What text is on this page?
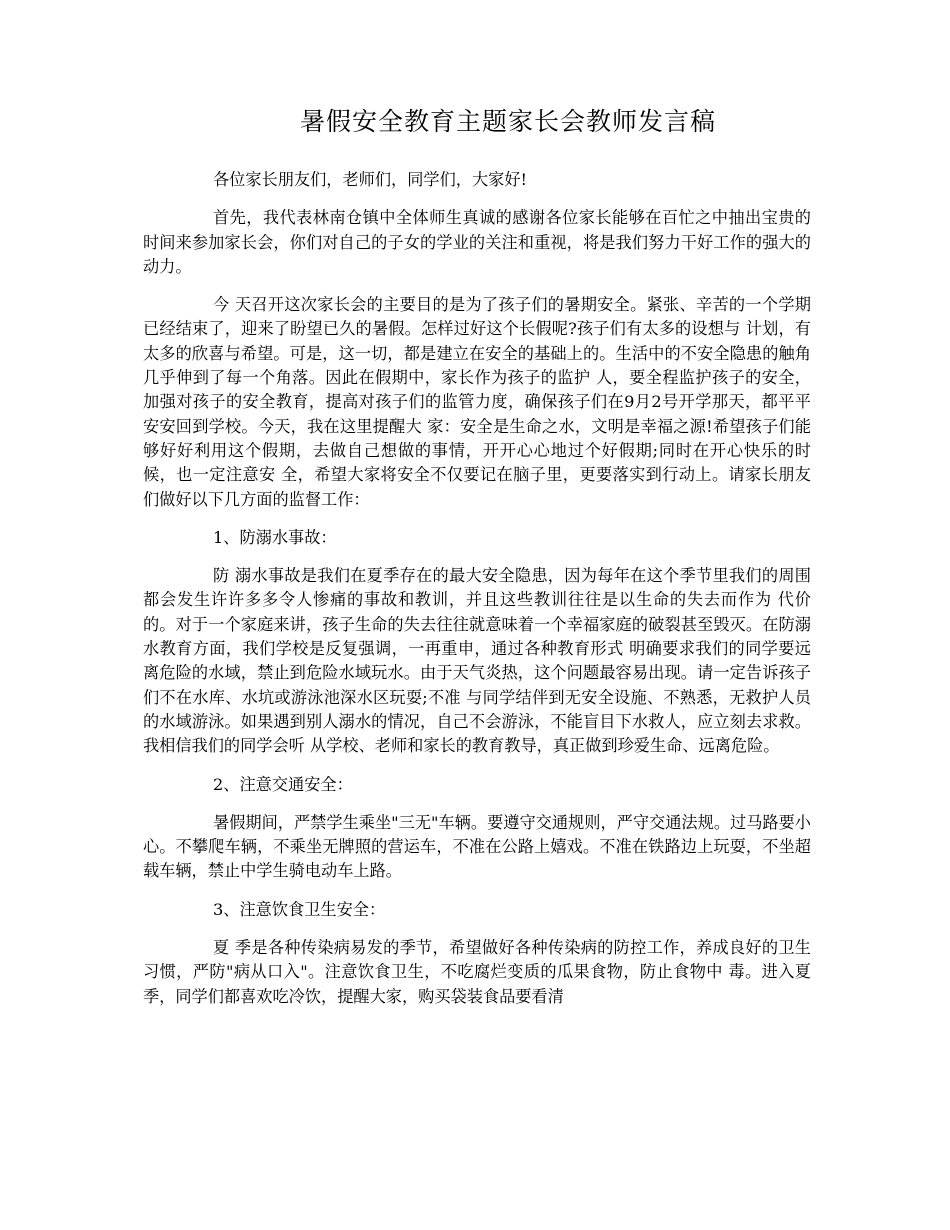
暑假安全教育主题家长会教师发言稿

各位家长朋友们，老师们，同学们，大家好!

首先，我代表林南仓镇中全体师生真诚的感谢各位家长能够在百忙之中抽出宝贵的时间来参加家长会，你们对自己的子女的学业的关注和重视，将是我们努力干好工作的强大的动力。

今 天召开这次家长会的主要目的是为了孩子们的暑期安全。紧张、辛苦的一个学期已经结束了，迎来了盼望已久的暑假。怎样过好这个长假呢?孩子们有太多的设想与 计划，有太多的欣喜与希望。可是，这一切，都是建立在安全的基础上的。生活中的不安全隐患的触角几乎伸到了每一个角落。因此在假期中，家长作为孩子的监护 人，要全程监护孩子的安全，加强对孩子的安全教育，提高对孩子们的监管力度，确保孩子们在9月2号开学那天，都平平安安回到学校。今天，我在这里提醒大 家：安全是生命之水，文明是幸福之源!希望孩子们能够好好利用这个假期，去做自己想做的事情，开开心心地过个好假期;同时在开心快乐的时候，也一定注意安 全，希望大家将安全不仅要记在脑子里，更要落实到行动上。请家长朋友们做好以下几方面的监督工作：

1、防溺水事故：

防 溺水事故是我们在夏季存在的最大安全隐患，因为每年在这个季节里我们的周围都会发生许许多多令人惨痛的事故和教训，并且这些教训往往是以生命的失去而作为 代价的。对于一个家庭来讲，孩子生命的失去往往就意味着一个幸福家庭的破裂甚至毁灭。在防溺水教育方面，我们学校是反复强调，一再重申，通过各种教育形式 明确要求我们的同学要远离危险的水域，禁止到危险水域玩水。由于天气炎热，这个问题最容易出现。请一定告诉孩子们不在水库、水坑或游泳池深水区玩耍;不准 与同学结伴到无安全设施、不熟悉，无救护人员的水域游泳。如果遇到别人溺水的情况，自己不会游泳，不能盲目下水救人，应立刻去求救。我相信我们的同学会听 从学校、老师和家长的教育教导，真正做到珍爱生命、远离危险。

2、注意交通安全：

暑假期间，严禁学生乘坐"三无"车辆。要遵守交通规则，严守交通法规。过马路要小心。不攀爬车辆，不乘坐无牌照的营运车，不准在公路上嬉戏。不准在铁路边上玩耍，不坐超载车辆，禁止中学生骑电动车上路。

3、注意饮食卫生安全：

夏 季是各种传染病易发的季节，希望做好各种传染病的防控工作，养成良好的卫生习惯，严防"病从口入"。注意饮食卫生，不吃腐烂变质的瓜果食物，防止食物中 毒。进入夏季，同学们都喜欢吃冷饮，提醒大家，购买袋装食品要看清
